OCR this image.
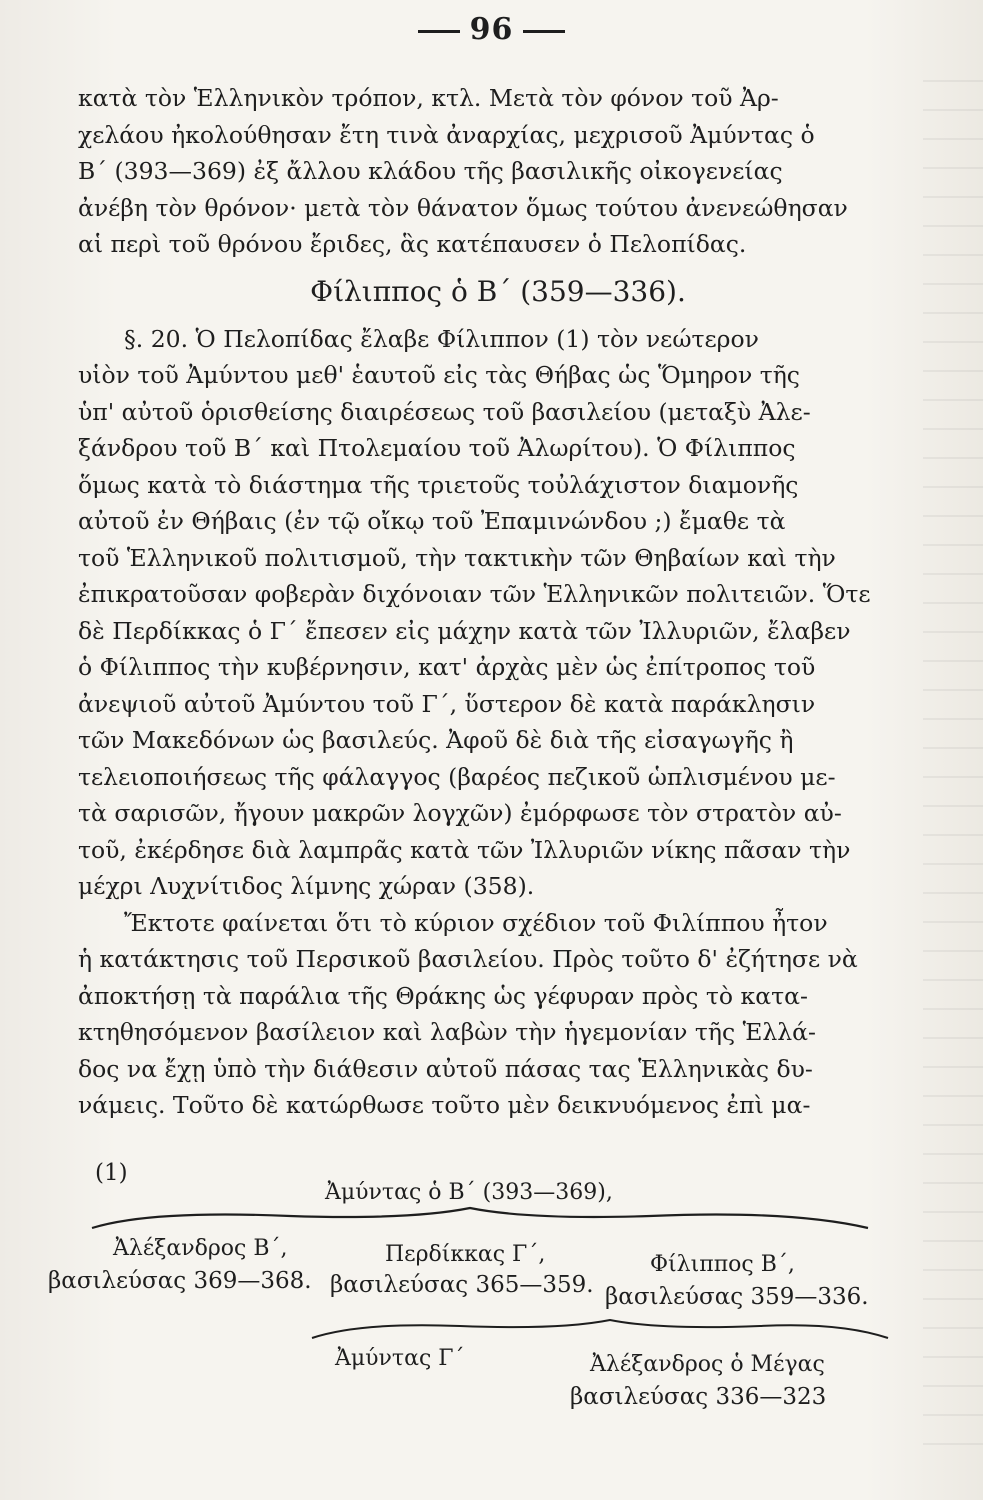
96
κατὰ τὸν Ἑλληνικὸν τρόπον, κτλ. Μετὰ τὸν φόνον τοῦ Ἀρ-
χελάου ἠκολούθησαν ἔτη τινὰ ἀναρχίας, μεχρισοῦ Ἀμύντας ὁ
Β΄ (393—369) ἐξ ἄλλου κλάδου τῆς βασιλικῆς οἰκογενείας
ἀνέβη τὸν θρόνον· μετὰ τὸν θάνατον ὅμως τούτου ἀνενεώθησαν
αἱ περὶ τοῦ θρόνου ἔριδες, ἃς κατέπαυσεν ὁ Πελοπίδας.
Φίλιππος ὁ Β΄ (359—336).
§. 20. Ὁ Πελοπίδας ἔλαβε Φίλιππον (1) τὸν νεώτερον
υἱὸν τοῦ Ἀμύντου μεθ' ἑαυτοῦ εἰς τὰς Θήβας ὡς Ὅμηρον τῆς
ὑπ' αὐτοῦ ὁρισθείσης διαιρέσεως τοῦ βασιλείου (μεταξὺ Ἀλε-
ξάνδρου τοῦ Β΄ καὶ Πτολεμαίου τοῦ Ἀλωρίτου). Ὁ Φίλιππος
ὅμως κατὰ τὸ διάστημα τῆς τριετοῦς τοὐλάχιστον διαμονῆς
αὐτοῦ ἐν Θήβαις (ἐν τῷ οἴκῳ τοῦ Ἐπαμινώνδου ;) ἔμαθε τὰ
τοῦ Ἑλληνικοῦ πολιτισμοῦ, τὴν τακτικὴν τῶν Θηβαίων καὶ τὴν
ἐπικρατοῦσαν φοβερὰν διχόνοιαν τῶν Ἑλληνικῶν πολιτειῶν. Ὅτε
δὲ Περδίκκας ὁ Γ΄ ἔπεσεν εἰς μάχην κατὰ τῶν Ἰλλυριῶν, ἔλαβεν
ὁ Φίλιππος τὴν κυβέρνησιν, κατ' ἀρχὰς μὲν ὡς ἐπίτροπος τοῦ
ἀνεψιοῦ αὐτοῦ Ἀμύντου τοῦ Γ΄, ὕστερον δὲ κατὰ παράκλησιν
τῶν Μακεδόνων ὡς βασιλεύς. Ἀφοῦ δὲ διὰ τῆς εἰσαγωγῆς ἢ
τελειοποιήσεως τῆς φάλαγγος (βαρέος πεζικοῦ ὡπλισμένου με-
τὰ σαρισῶν, ἤγουν μακρῶν λογχῶν) ἐμόρφωσε τὸν στρατὸν αὐ-
τοῦ, ἐκέρδησε διὰ λαμπρᾶς κατὰ τῶν Ἰλλυριῶν νίκης πᾶσαν τὴν
μέχρι Λυχνίτιδος λίμνης χώραν (358).
Ἔκτοτε φαίνεται ὅτι τὸ κύριον σχέδιον τοῦ Φιλίππου ἦτον
ἡ κατάκτησις τοῦ Περσικοῦ βασιλείου. Πρὸς τοῦτο δ' ἐζήτησε νὰ
ἀποκτήσῃ τὰ παράλια τῆς Θράκης ὡς γέφυραν πρὸς τὸ κατα-
κτηθησόμενον βασίλειον καὶ λαβὼν τὴν ἡγεμονίαν τῆς Ἑλλά-
δος να ἔχῃ ὑπὸ τὴν διάθεσιν αὐτοῦ πάσας τας Ἑλληνικὰς δυ-
νάμεις. Τοῦτο δὲ κατώρθωσε τοῦτο μὲν δεικνυόμενος ἐπὶ μα-
(1)
Ἀμύντας ὁ Β΄ (393—369),
Ἀλέξανδρος Β΄,
βασιλεύσας 369—368.
Περδίκκας Γ΄,
βασιλεύσας 365—359.
Φίλιππος Β΄,
βασιλεύσας 359—336.
Ἀμύντας Γ΄	Ἀλέξανδρος ὁ Μέγας
βασιλεύσας 336—323
